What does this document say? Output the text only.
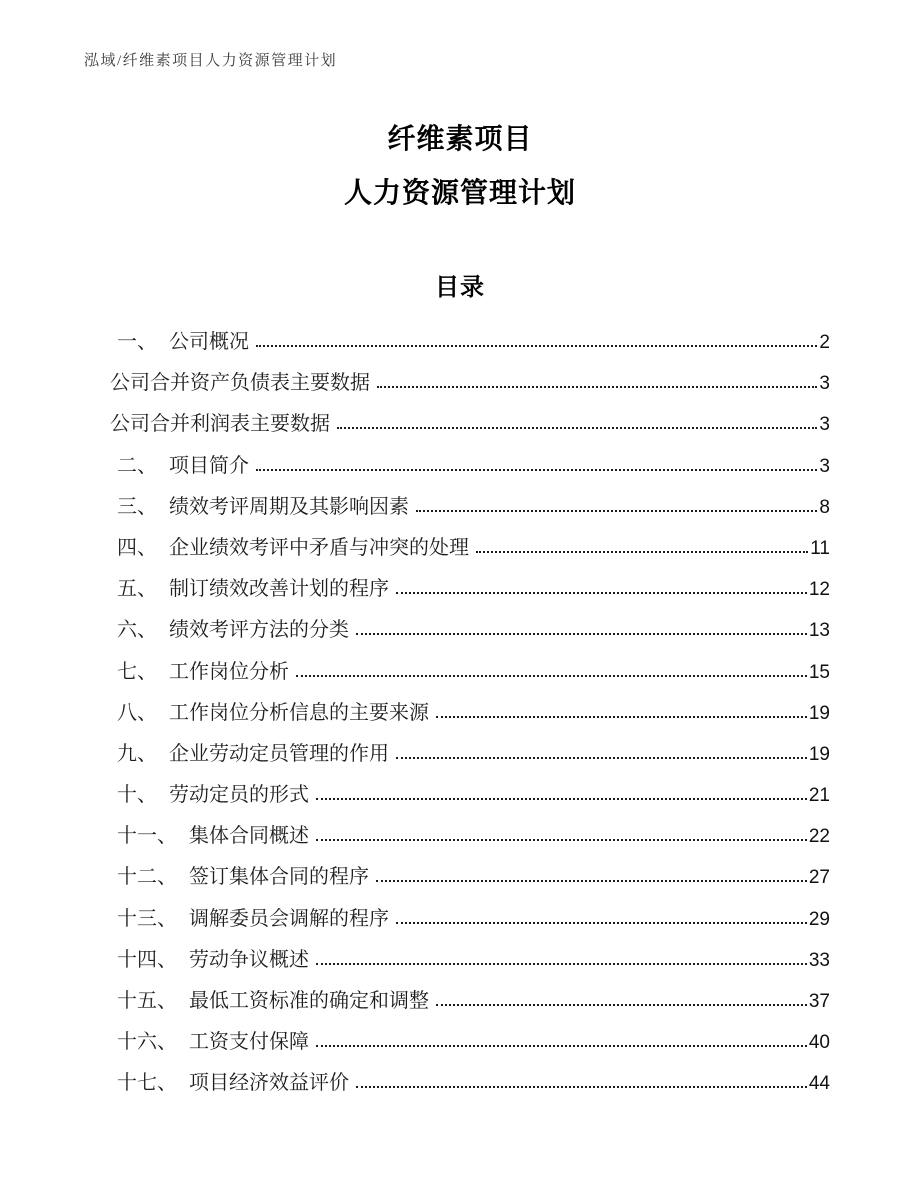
泓域/纤维素项目人力资源管理计划
纤维素项目
人力资源管理计划
目录
一、 公司概况	2
公司合并资产负债表主要数据	3
公司合并利润表主要数据	3
二、 项目简介	3
三、 绩效考评周期及其影响因素	8
四、 企业绩效考评中矛盾与冲突的处理	11
五、 制订绩效改善计划的程序	12
六、 绩效考评方法的分类	13
七、 工作岗位分析	15
八、 工作岗位分析信息的主要来源	19
九、 企业劳动定员管理的作用	19
十、 劳动定员的形式	21
十一、 集体合同概述	22
十二、 签订集体合同的程序	27
十三、 调解委员会调解的程序	29
十四、 劳动争议概述	33
十五、 最低工资标准的确定和调整	37
十六、 工资支付保障	40
十七、 项目经济效益评价	44
